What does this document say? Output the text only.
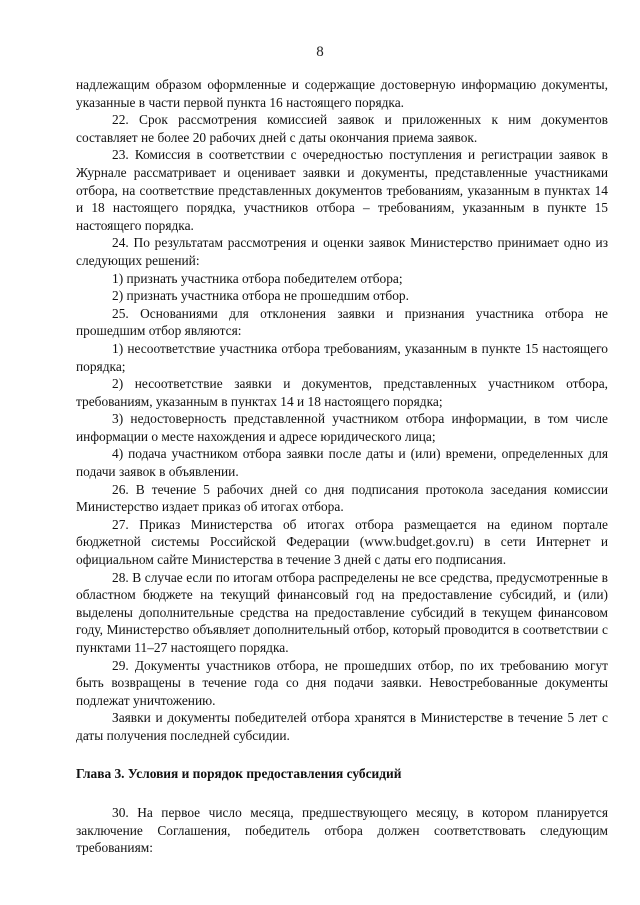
8

надлежащим образом оформленные и содержащие достоверную информацию документы, указанные в части первой пункта 16 настоящего порядка.

22. Срок рассмотрения комиссией заявок и приложенных к ним документов составляет не более 20 рабочих дней с даты окончания приема заявок.

23. Комиссия в соответствии с очередностью поступления и регистрации заявок в Журнале рассматривает и оценивает заявки и документы, представленные участниками отбора, на соответствие представленных документов требованиям, указанным в пунктах 14 и 18 настоящего порядка, участников отбора – требованиям, указанным в пункте 15 настоящего порядка.

24. По результатам рассмотрения и оценки заявок Министерство принимает одно из следующих решений:

1) признать участника отбора победителем отбора;

2) признать участника отбора не прошедшим отбор.

25. Основаниями для отклонения заявки и признания участника отбора не прошедшим отбор являются:

1) несоответствие участника отбора требованиям, указанным в пункте 15 настоящего порядка;

2) несоответствие заявки и документов, представленных участником отбора, требованиям, указанным в пунктах 14 и 18 настоящего порядка;

3) недостоверность представленной участником отбора информации, в том числе информации о месте нахождения и адресе юридического лица;

4) подача участником отбора заявки после даты и (или) времени, определенных для подачи заявок в объявлении.

26. В течение 5 рабочих дней со дня подписания протокола заседания комиссии Министерство издает приказ об итогах отбора.

27. Приказ Министерства об итогах отбора размещается на едином портале бюджетной системы Российской Федерации (www.budget.gov.ru) в сети Интернет и официальном сайте Министерства в течение 3 дней с даты его подписания.

28. В случае если по итогам отбора распределены не все средства, предусмотренные в областном бюджете на текущий финансовый год на предоставление субсидий, и (или) выделены дополнительные средства на предоставление субсидий в текущем финансовом году, Министерство объявляет дополнительный отбор, который проводится в соответствии с пунктами 11–27 настоящего порядка.

29. Документы участников отбора, не прошедших отбор, по их требованию могут быть возвращены в течение года со дня подачи заявки. Невостребованные документы подлежат уничтожению.

Заявки и документы победителей отбора хранятся в Министерстве в течение 5 лет с даты получения последней субсидии.

Глава 3. Условия и порядок предоставления субсидий

30. На первое число месяца, предшествующего месяцу, в котором планируется заключение Соглашения, победитель отбора должен соответствовать следующим требованиям:
